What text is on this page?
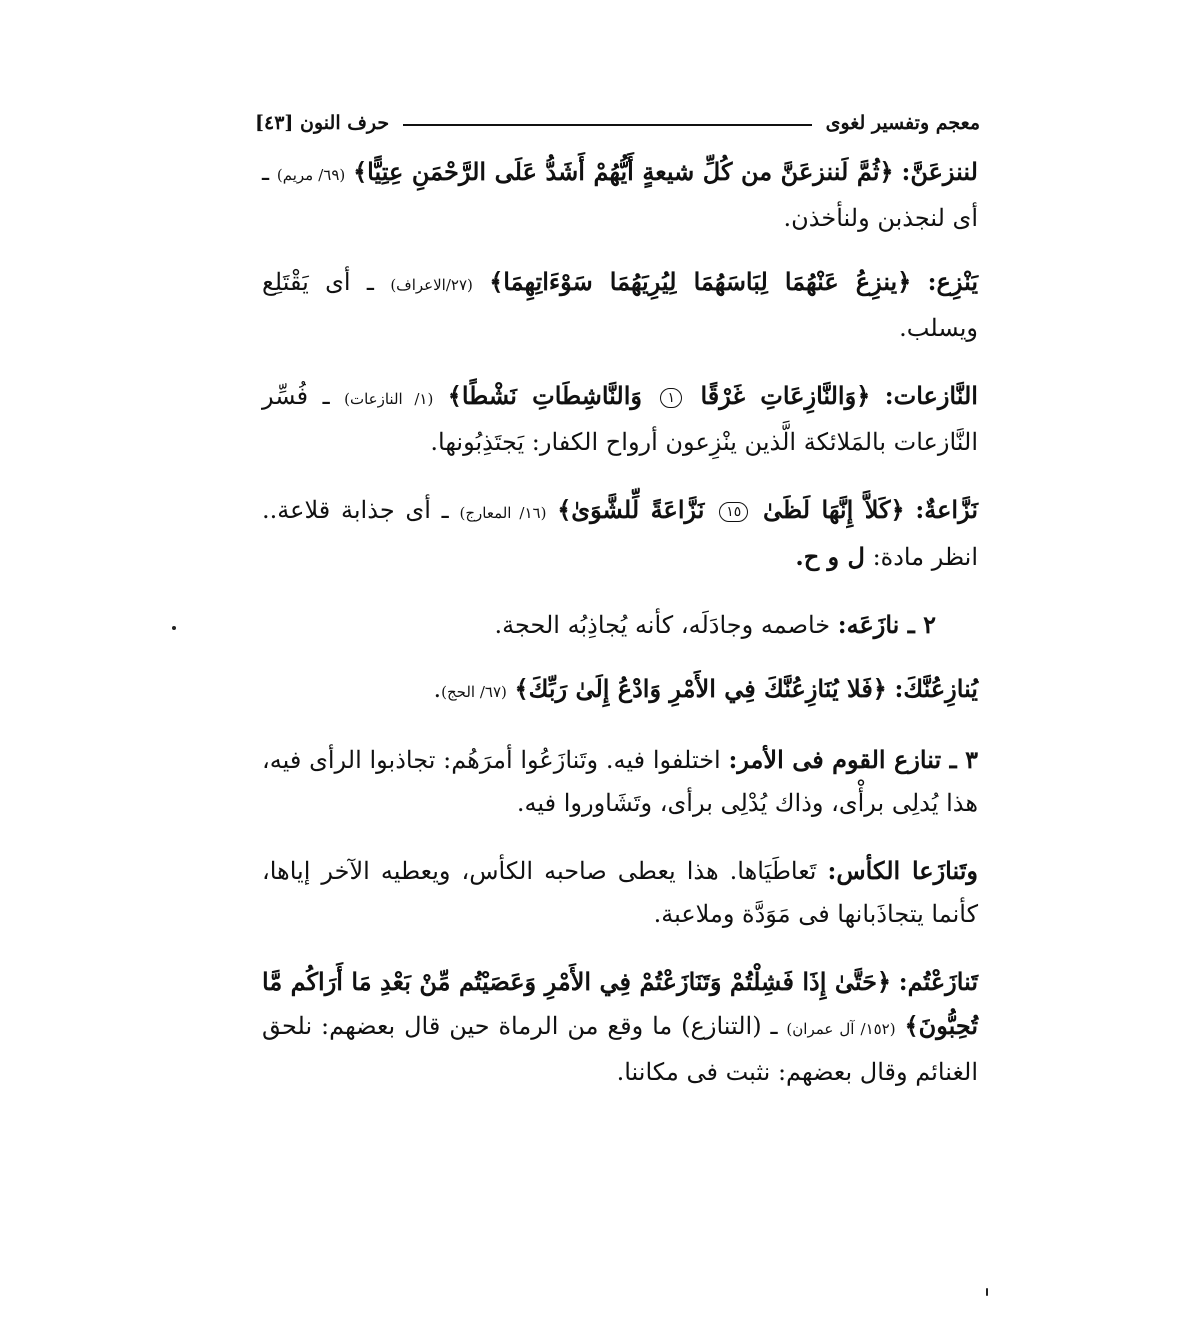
معجم وتفسير لغوى
حرف النون [٤٣]

لننزعَنَّ: ﴿ثُمَّ لَننزعَنَّ من كُلِّ شيعةٍ أَيُّهُمْ أَشَدُّ عَلَى الرَّحْمَنِ عِتِيًّا﴾ (٦٩/ مريم) ـ أى لنجذبن ولنأخذن.

يَنْزِع: ﴿ينزِعُ عَنْهُمَا لِبَاسَهُمَا لِيُرِيَهُمَا سَوْءَاتِهِمَا﴾ (٢٧/الاعراف) ـ أى يَقْتَلِع ويسلب.

النَّازعات: ﴿وَالنَّازِعَاتِ غَرْقًا ١ وَالنَّاشِطَاتِ نَشْطًا﴾ (١/ النازعات) ـ فُسِّر النَّازعات بالمَلائكة الَّذين ينْزِعون أرواح الكفار: يَجتَذِبُونها.

نَزَّاعةٌ: ﴿كَلاَّ إِنَّهَا لَظَىٰ ١٥ نَزَّاعَةً لِّلشَّوَىٰ﴾ (١٦/ المعارج) ـ أى جذابة قلاعة.. انظر مادة: ل و ح.

٢ ـ نازَعَه: خاصمه وجادَلَه، كأنه يُجاذِبُه الحجة.

يُنازِعُنَّكَ: ﴿فَلا يُنَازِعُنَّكَ فِي الأَمْرِ وَادْعُ إِلَىٰ رَبِّكَ﴾ (٦٧/ الحج).

٣ ـ تنازع القوم فى الأمر: اختلفوا فيه. وتَنازَعُوا أمرَهُم: تجاذبوا الرأى فيه، هذا يُدلِى برأْى، وذاك يُدْلِى برأى، وتَشَاوروا فيه.

وتَنازَعا الكأس: تَعاطَيَاها. هذا يعطى صاحبه الكأس، ويعطيه الآخر إياها، كأنما يتجاذَبانها فى مَوَدَّة وملاعبة.

تَنازَعْتُم: ﴿حَتَّىٰ إِذَا فَشِلْتُمْ وَتَنَازَعْتُمْ فِي الأَمْرِ وَعَصَيْتُم مِّنْ بَعْدِ مَا أَرَاكُم مَّا تُحِبُّونَ﴾ (١٥٢/ آل عمران) ـ (التنازع) ما وقع من الرماة حين قال بعضهم: نلحق الغنائم وقال بعضهم: نثبت فى مكاننا.
